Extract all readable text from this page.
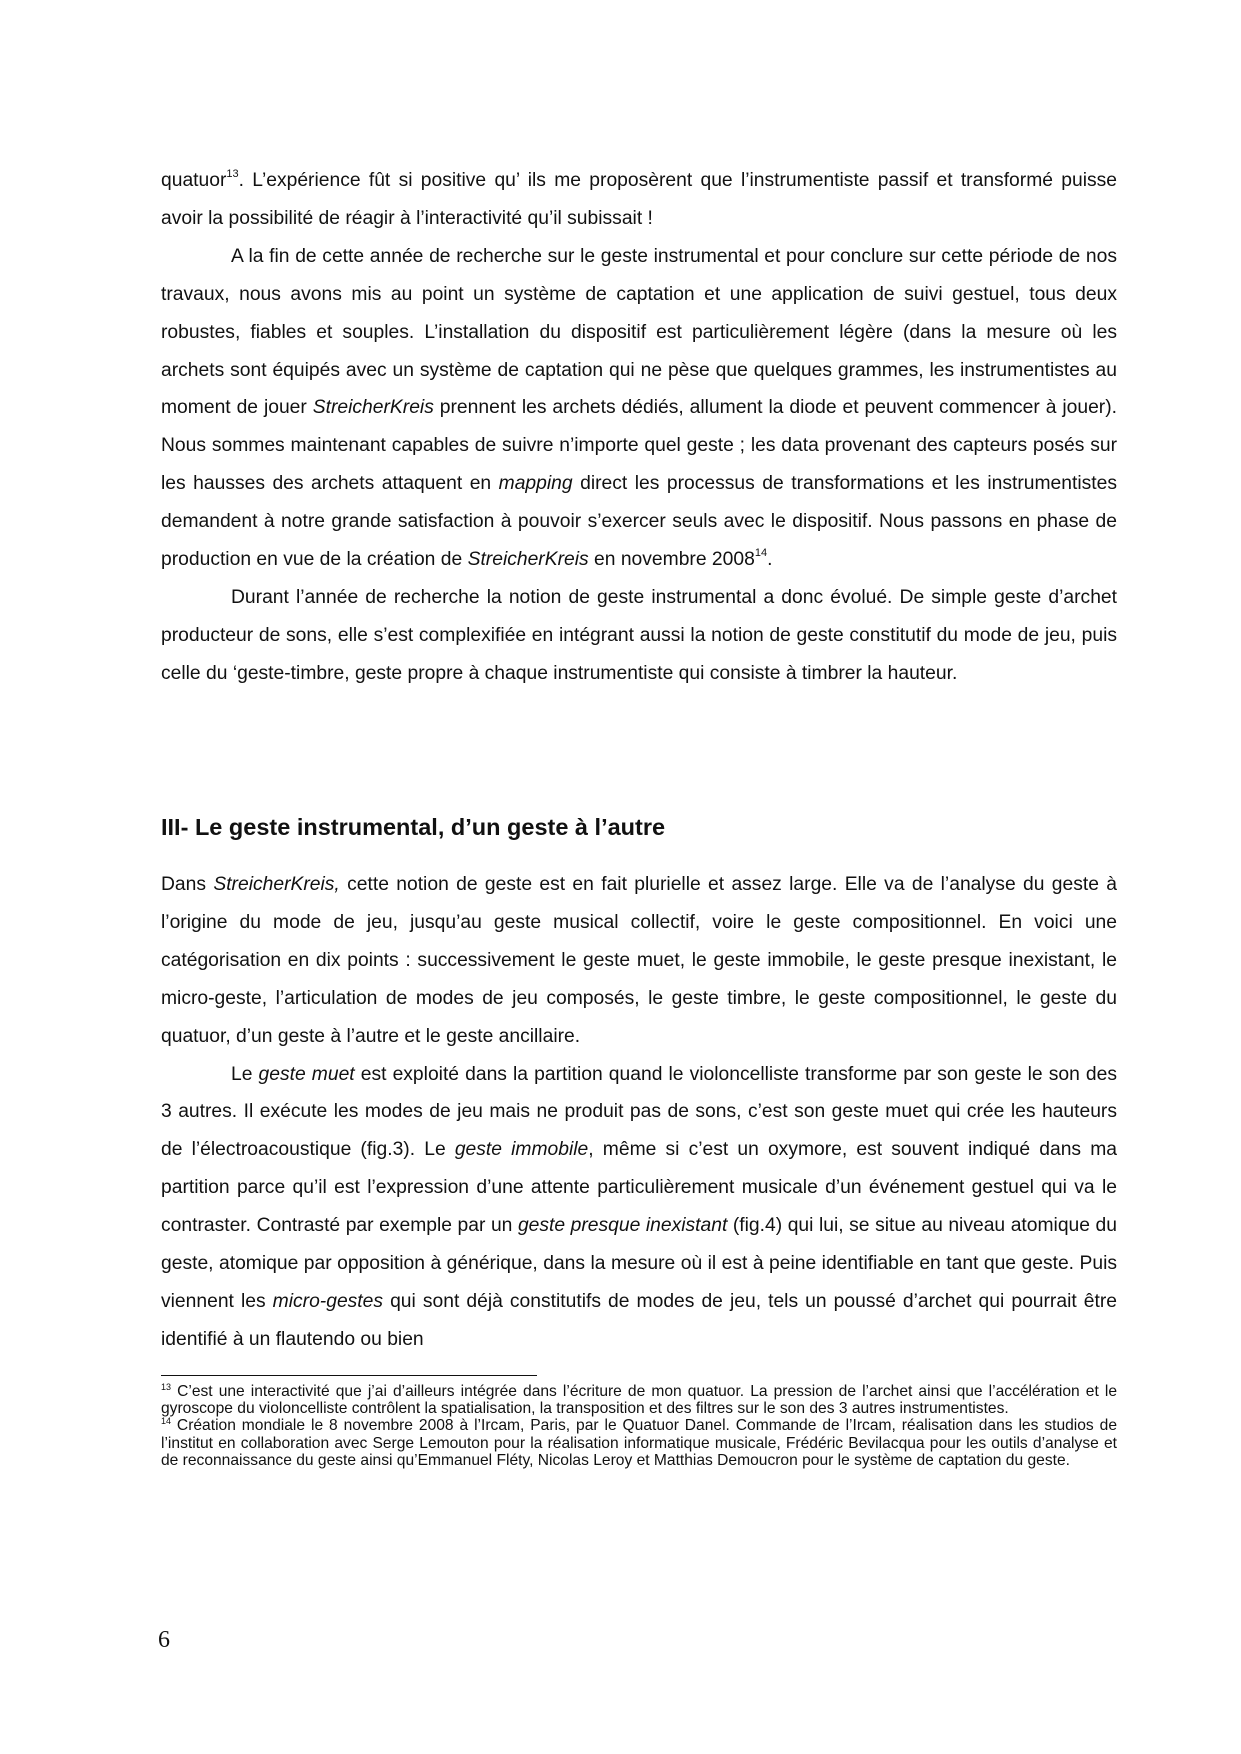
quatuor$^{13}$. L’expérience fût si positive qu’ ils me proposèrent que l’instrumentiste passif et transformé puisse avoir la possibilité de réagir à l’interactivité qu’il subissait !

A la fin de cette année de recherche sur le geste instrumental et pour conclure sur cette période de nos travaux, nous avons mis au point un système de captation et une application de suivi gestuel, tous deux robustes, fiables et souples. L’installation du dispositif est particulièrement légère (dans la mesure où les archets sont équipés avec un système de captation qui ne pèse que quelques grammes, les instrumentistes au moment de jouer StreicherKreis prennent les archets dédiés, allument la diode et peuvent commencer à jouer). Nous sommes maintenant capables de suivre n’importe quel geste ; les data provenant des capteurs posés sur les hausses des archets attaquent en mapping direct les processus de transformations et les instrumentistes demandent à notre grande satisfaction à pouvoir s’exercer seuls avec le dispositif. Nous passons en phase de production en vue de la création de StreicherKreis en novembre 2008$^{14}$.

Durant l’année de recherche la notion de geste instrumental a donc évolué. De simple geste d’archet producteur de sons, elle s’est complexifiée en intégrant aussi la notion de geste constitutif du mode de jeu, puis celle du ‘geste-timbre, geste propre à chaque instrumentiste qui consiste à timbrer la hauteur.

III- Le geste instrumental, d’un geste à l’autre

Dans StreicherKreis, cette notion de geste est en fait plurielle et assez large. Elle va de l’analyse du geste à l’origine du mode de jeu, jusqu’au geste musical collectif, voire le geste compositionnel. En voici une catégorisation en dix points : successivement le geste muet, le geste immobile, le geste presque inexistant, le micro-geste, l’articulation de modes de jeu composés, le geste timbre, le geste compositionnel, le geste du quatuor, d’un geste à l’autre et le geste ancillaire.

Le geste muet est exploité dans la partition quand le violoncelliste transforme par son geste le son des 3 autres. Il exécute les modes de jeu mais ne produit pas de sons, c’est son geste muet qui crée les hauteurs de l’électroacoustique (fig.3). Le geste immobile, même si c’est un oxymore, est souvent indiqué dans ma partition parce qu’il est l’expression d’une attente particulièrement musicale d’un événement gestuel qui va le contraster. Contrasté par exemple par un geste presque inexistant (fig.4) qui lui, se situe au niveau atomique du geste, atomique par opposition à générique, dans la mesure où il est à peine identifiable en tant que geste. Puis viennent les micro-gestes qui sont déjà constitutifs de modes de jeu, tels un poussé d’archet qui pourrait être identifié à un flautendo ou bien

$^{13}$ C’est une interactivité que j’ai d’ailleurs intégrée dans l’écriture de mon quatuor. La pression de l’archet ainsi que l’accélération et le gyroscope du violoncelliste contrôlent la spatialisation, la transposition et des filtres sur le son des 3 autres instrumentistes.

$^{14}$ Création mondiale le 8 novembre 2008 à l’Ircam, Paris, par le Quatuor Danel. Commande de l’Ircam, réalisation dans les studios de l’institut en collaboration avec Serge Lemouton pour la réalisation informatique musicale, Frédéric Bevilacqua pour les outils d’analyse et de reconnaissance du geste ainsi qu’Emmanuel Fléty, Nicolas Leroy et Matthias Demoucron pour le système de captation du geste.

6
